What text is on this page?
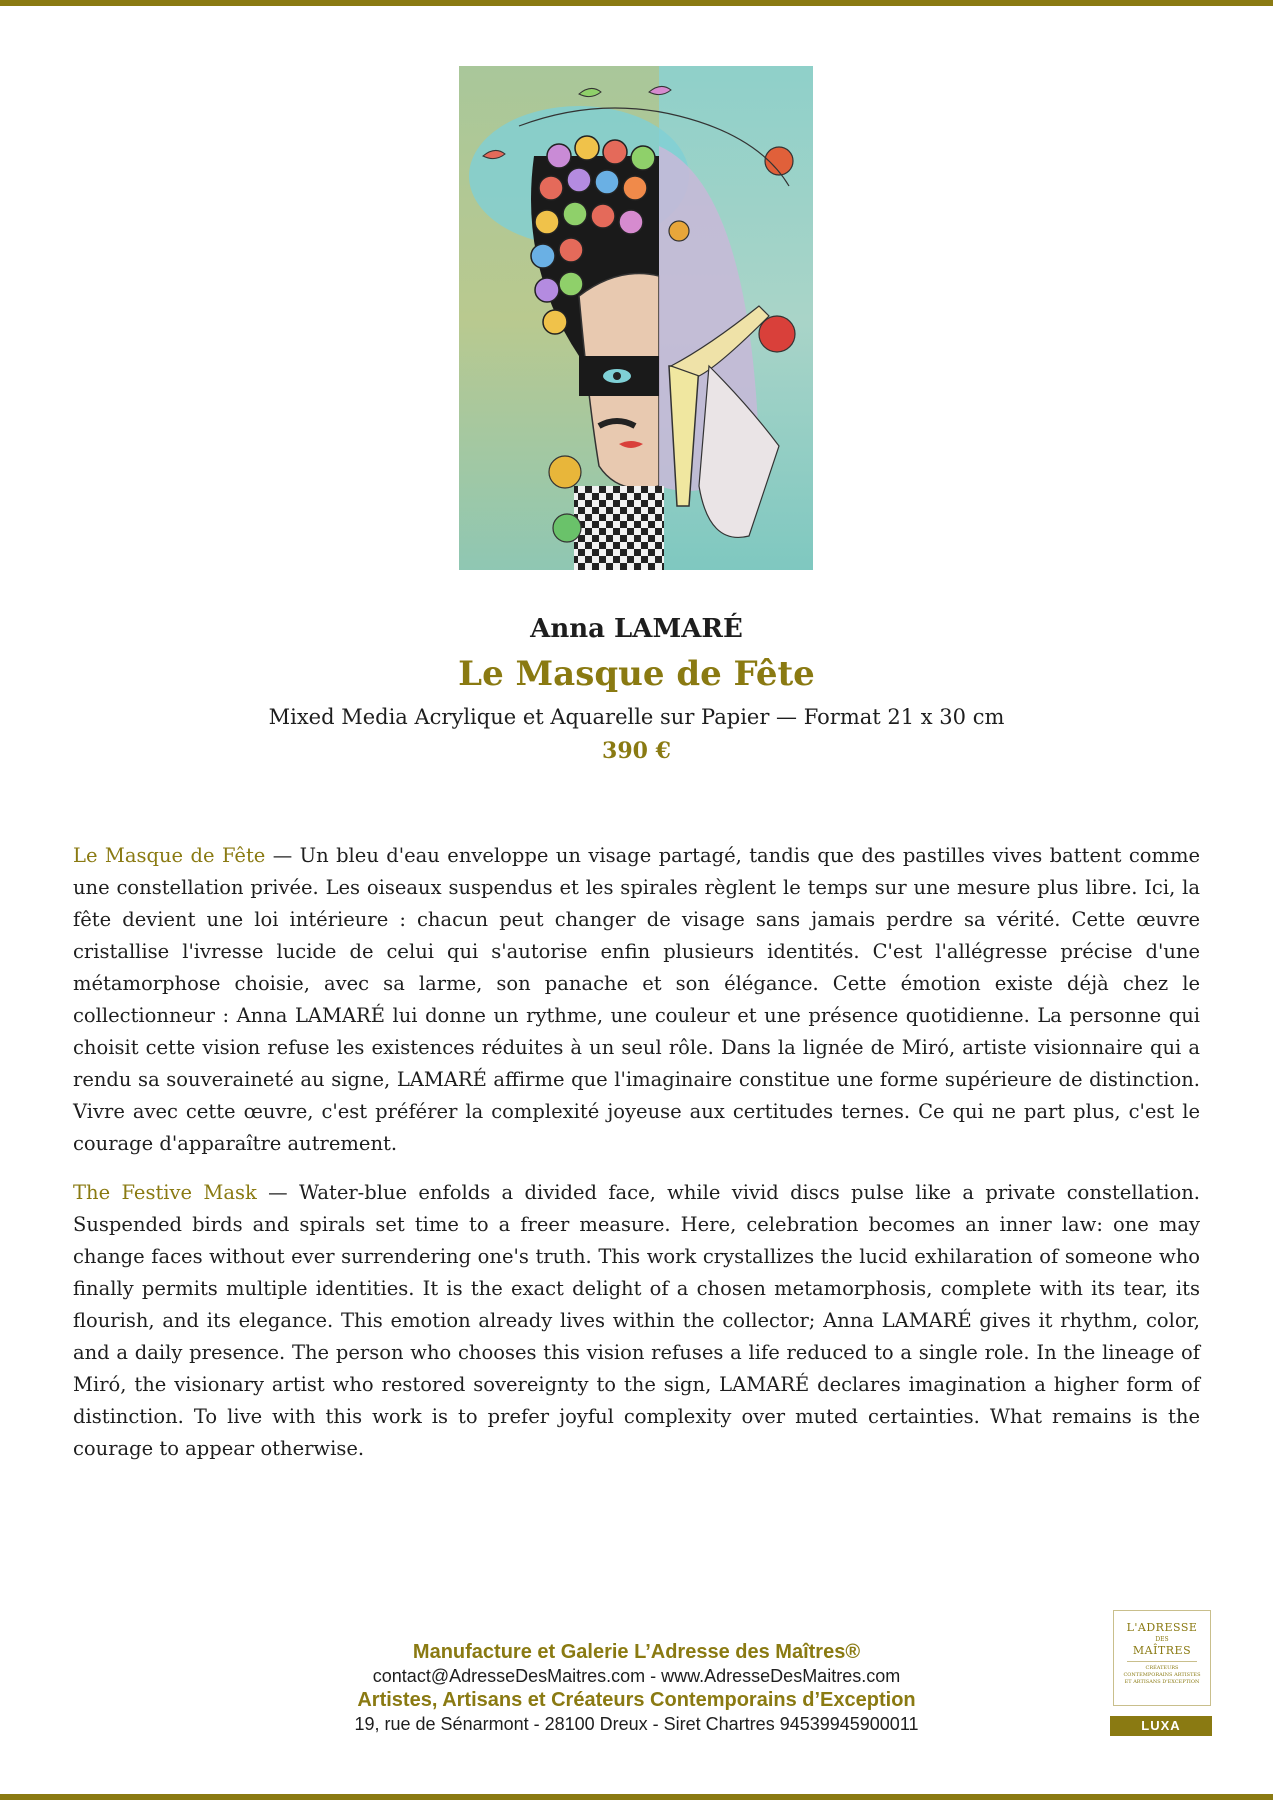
Anna LAMARÉ
Le Masque de Fête
Mixed Media Acrylique et Aquarelle sur Papier — Format 21 x 30 cm
390 €
Le Masque de Fête — Un bleu d'eau enveloppe un visage partagé, tandis que des pastilles vives battent comme une constellation privée. Les oiseaux suspendus et les spirales règlent le temps sur une mesure plus libre. Ici, la fête devient une loi intérieure : chacun peut changer de visage sans jamais perdre sa vérité. Cette œuvre cristallise l'ivresse lucide de celui qui s'autorise enfin plusieurs identités. C'est l'allégresse précise d'une métamorphose choisie, avec sa larme, son panache et son élégance. Cette émotion existe déjà chez le collectionneur : Anna LAMARÉ lui donne un rythme, une couleur et une présence quotidienne. La personne qui choisit cette vision refuse les existences réduites à un seul rôle. Dans la lignée de Miró, artiste visionnaire qui a rendu sa souveraineté au signe, LAMARÉ affirme que l'imaginaire constitue une forme supérieure de distinction. Vivre avec cette œuvre, c'est préférer la complexité joyeuse aux certitudes ternes. Ce qui ne part plus, c'est le courage d'apparaître autrement.
The Festive Mask — Water-blue enfolds a divided face, while vivid discs pulse like a private constellation. Suspended birds and spirals set time to a freer measure. Here, celebration becomes an inner law: one may change faces without ever surrendering one's truth. This work crystallizes the lucid exhilaration of someone who finally permits multiple identities. It is the exact delight of a chosen metamorphosis, complete with its tear, its flourish, and its elegance. This emotion already lives within the collector; Anna LAMARÉ gives it rhythm, color, and a daily presence. The person who chooses this vision refuses a life reduced to a single role. In the lineage of Miró, the visionary artist who restored sovereignty to the sign, LAMARÉ declares imagination a higher form of distinction. To live with this work is to prefer joyful complexity over muted certainties. What remains is the courage to appear otherwise.
Manufacture et Galerie L’Adresse des Maîtres®
contact@AdresseDesMaitres.com - www.AdresseDesMaitres.com
Artistes, Artisans et Créateurs Contemporains d’Exception
19, rue de Sénarmont - 28100 Dreux - Siret Chartres 94539945900011
L'ADRESSE
DES
MAÎTRES
CRÉATEURS CONTEMPORAINS ARTISTES ET ARTISANS D'EXCEPTION
LUXA
